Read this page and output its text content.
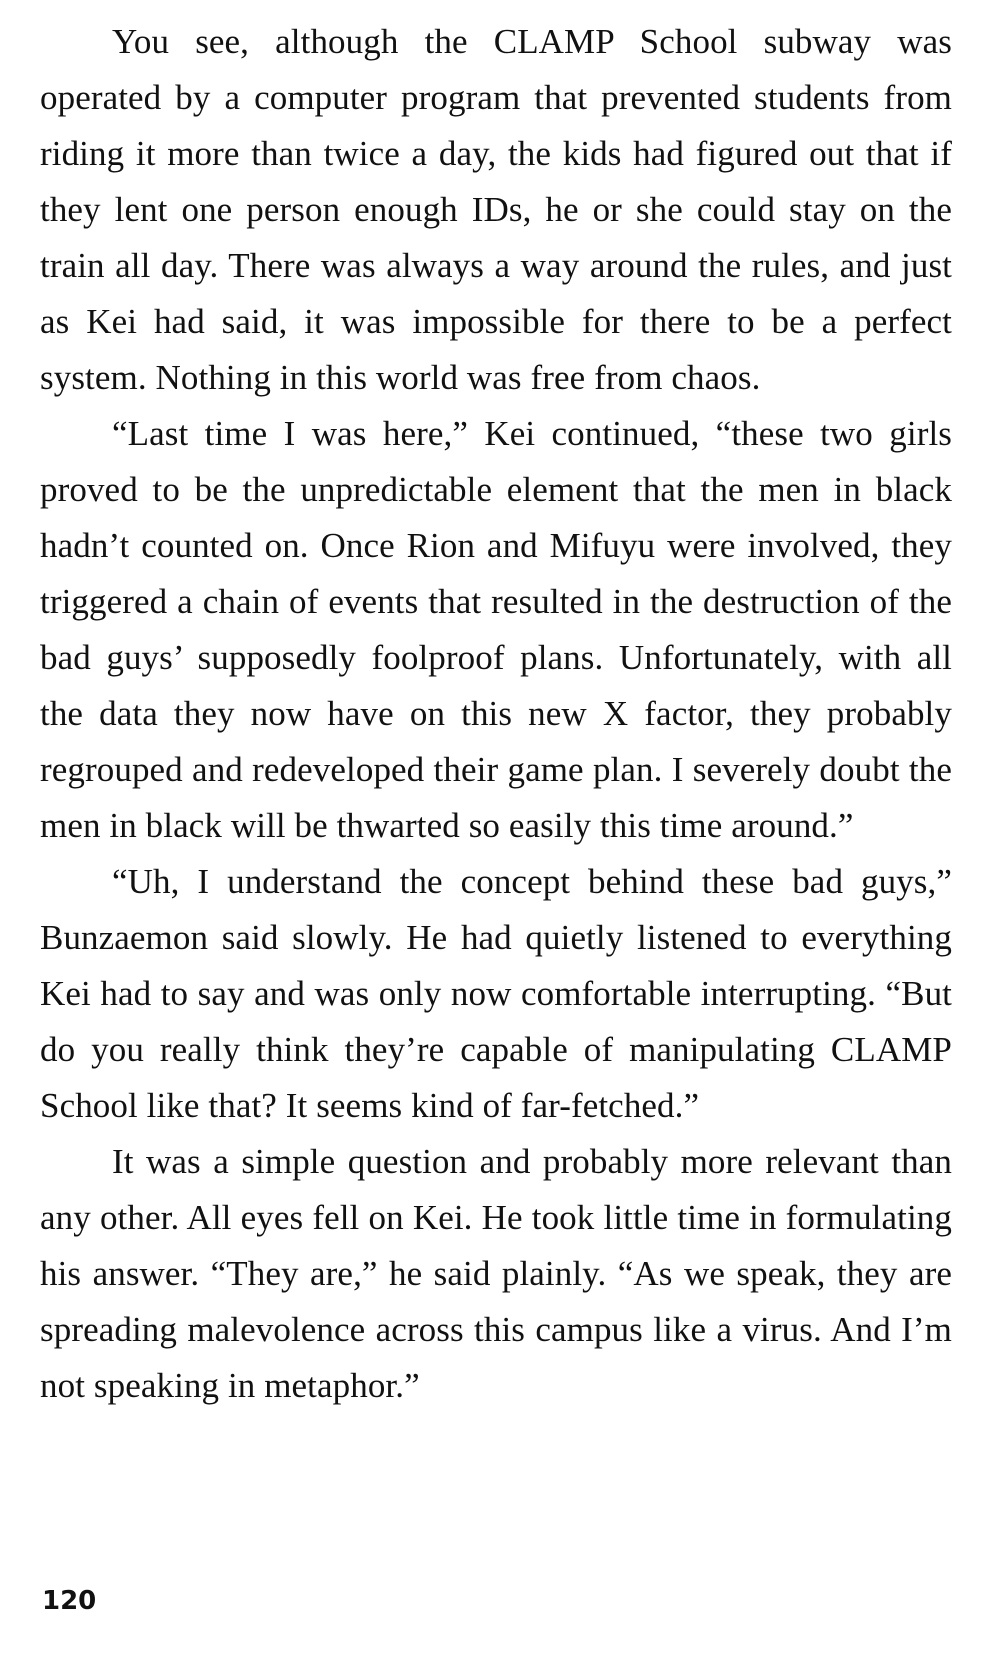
You see, although the CLAMP School subway was operated by a computer program that prevented students from riding it more than twice a day, the kids had figured out that if they lent one person enough IDs, he or she could stay on the train all day. There was always a way around the rules, and just as Kei had said, it was impossible for there to be a perfect system. Nothing in this world was free from chaos.

“Last time I was here,” Kei continued, “these two girls proved to be the unpredictable element that the men in black hadn’t counted on. Once Rion and Mifuyu were involved, they triggered a chain of events that resulted in the destruction of the bad guys’ supposedly foolproof plans. Unfortunately, with all the data they now have on this new X factor, they probably regrouped and redeveloped their game plan. I severely doubt the men in black will be thwarted so easily this time around.”

“Uh, I understand the concept behind these bad guys,” Bunzaemon said slowly. He had quietly listened to everything Kei had to say and was only now comfortable interrupting. “But do you really think they’re capable of manipulating CLAMP School like that? It seems kind of far-fetched.”

It was a simple question and probably more relevant than any other. All eyes fell on Kei. He took little time in formulating his answer. “They are,” he said plainly. “As we speak, they are spreading malevolence across this campus like a virus. And I’m not speaking in metaphor.”

120
